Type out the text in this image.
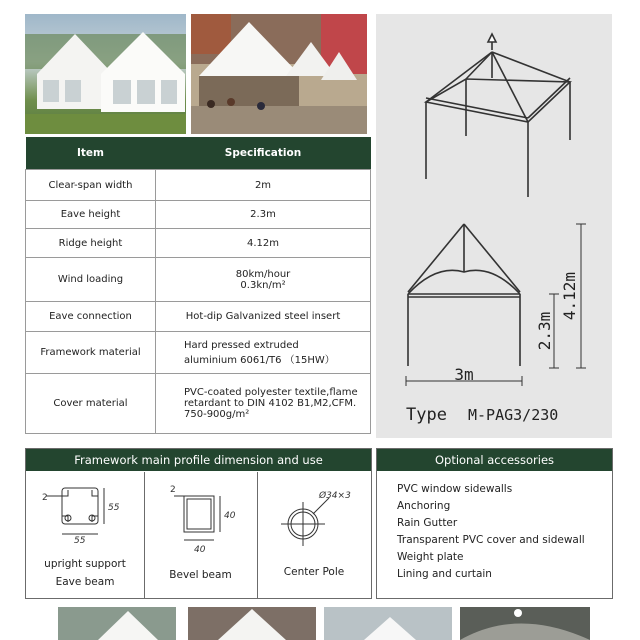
Item	Specification
Clear-span width	2m
Eave height	2.3m
Ridge height	4.12m
Wind loading	80km/hour
0.3kn/m²

Eave connection	Hot-dip Galvanized steel insert
Framework material	Hard pressed extruded
aluminium 6061/T6 （15HW）

Cover material	PVC-coated polyester textile,flame
retardant to DIN 4102 B1,M2,CFM.
750-900g/m²
3m
2.3m
4.12m
Type M-PAG3/230
Framework main profile dimension and use
2
55
55
upright support
Eave beam
2
40
40
Bevel beam
Ø34×3
Center Pole
Optional accessories
PVC window sidewalls
Anchoring
Rain Gutter
Transparent PVC cover and sidewall
Weight plate
Lining and curtain
